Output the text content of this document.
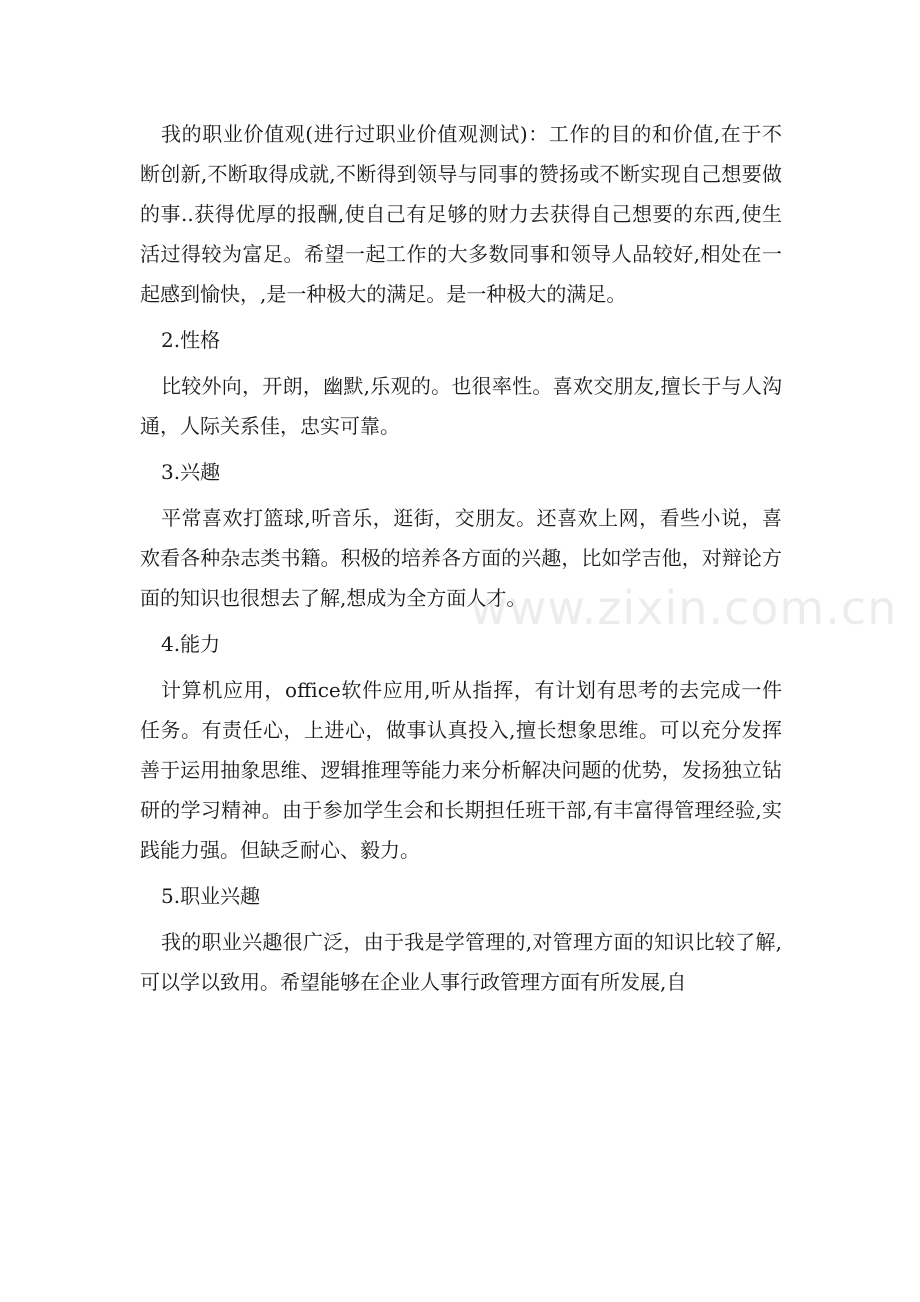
我的职业价值观(进行过职业价值观测试)：工作的目的和价值,在于不断创新,不断取得成就,不断得到领导与同事的赞扬或不断实现自己想要做的事..获得优厚的报酬,使自己有足够的财力去获得自己想要的东西,使生活过得较为富足。希望一起工作的大多数同事和领导人品较好,相处在一起感到愉快，,是一种极大的满足。是一种极大的满足。

2.性格

比较外向，开朗，幽默,乐观的。也很率性。喜欢交朋友,擅长于与人沟通，人际关系佳，忠实可靠。

3.兴趣

平常喜欢打篮球,听音乐，逛街，交朋友。还喜欢上网，看些小说，喜欢看各种杂志类书籍。积极的培养各方面的兴趣，比如学吉他，对辩论方面的知识也很想去了解,想成为全方面人才。

4.能力

计算机应用，office软件应用,听从指挥，有计划有思考的去完成一件任务。有责任心，上进心，做事认真投入,擅长想象思维。可以充分发挥善于运用抽象思维、逻辑推理等能力来分析解决问题的优势，发扬独立钻研的学习精神。由于参加学生会和长期担任班干部,有丰富得管理经验,实践能力强。但缺乏耐心、毅力。

5.职业兴趣

我的职业兴趣很广泛，由于我是学管理的,对管理方面的知识比较了解,可以学以致用。希望能够在企业人事行政管理方面有所发展,自

www.zixin.com.cn
